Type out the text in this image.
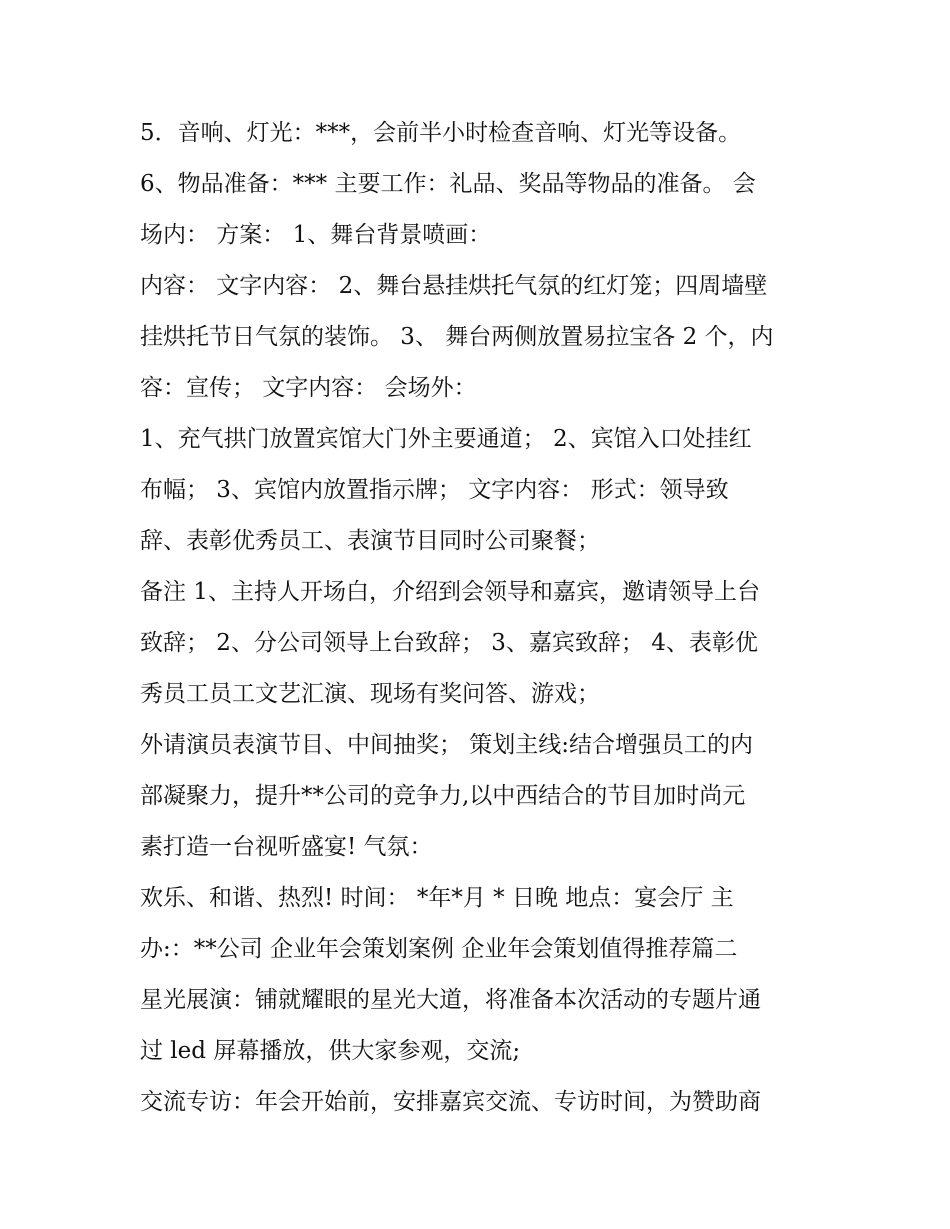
5．音响、灯光：***，会前半小时检查音响、灯光等设备。
6、物品准备：*** 主要工作：礼品、奖品等物品的准备。 会
场内： 方案： 1、舞台背景喷画：
内容： 文字内容： 2、舞台悬挂烘托气氛的红灯笼；四周墙壁
挂烘托节日气氛的装饰。 3、 舞台两侧放置易拉宝各 2 个，内
容：宣传； 文字内容： 会场外：
1、充气拱门放置宾馆大门外主要通道； 2、宾馆入口处挂红
布幅； 3、宾馆内放置指示牌； 文字内容： 形式：领导致
辞、表彰优秀员工、表演节目同时公司聚餐；
备注 1、主持人开场白，介绍到会领导和嘉宾，邀请领导上台
致辞； 2、分公司领导上台致辞； 3、嘉宾致辞； 4、表彰优
秀员工员工文艺汇演、现场有奖问答、游戏；
外请演员表演节目、中间抽奖； 策划主线:结合增强员工的内
部凝聚力，提升**公司的竞争力,以中西结合的节目加时尚元
素打造一台视听盛宴! 气氛：
欢乐、和谐、热烈! 时间： *年*月 * 日晚 地点：宴会厅 主
办:：**公司 企业年会策划案例 企业年会策划值得推荐篇二
星光展演：铺就耀眼的星光大道，将准备本次活动的专题片通
过 led 屏幕播放，供大家参观，交流;
交流专访：年会开始前，安排嘉宾交流、专访时间，为赞助商
